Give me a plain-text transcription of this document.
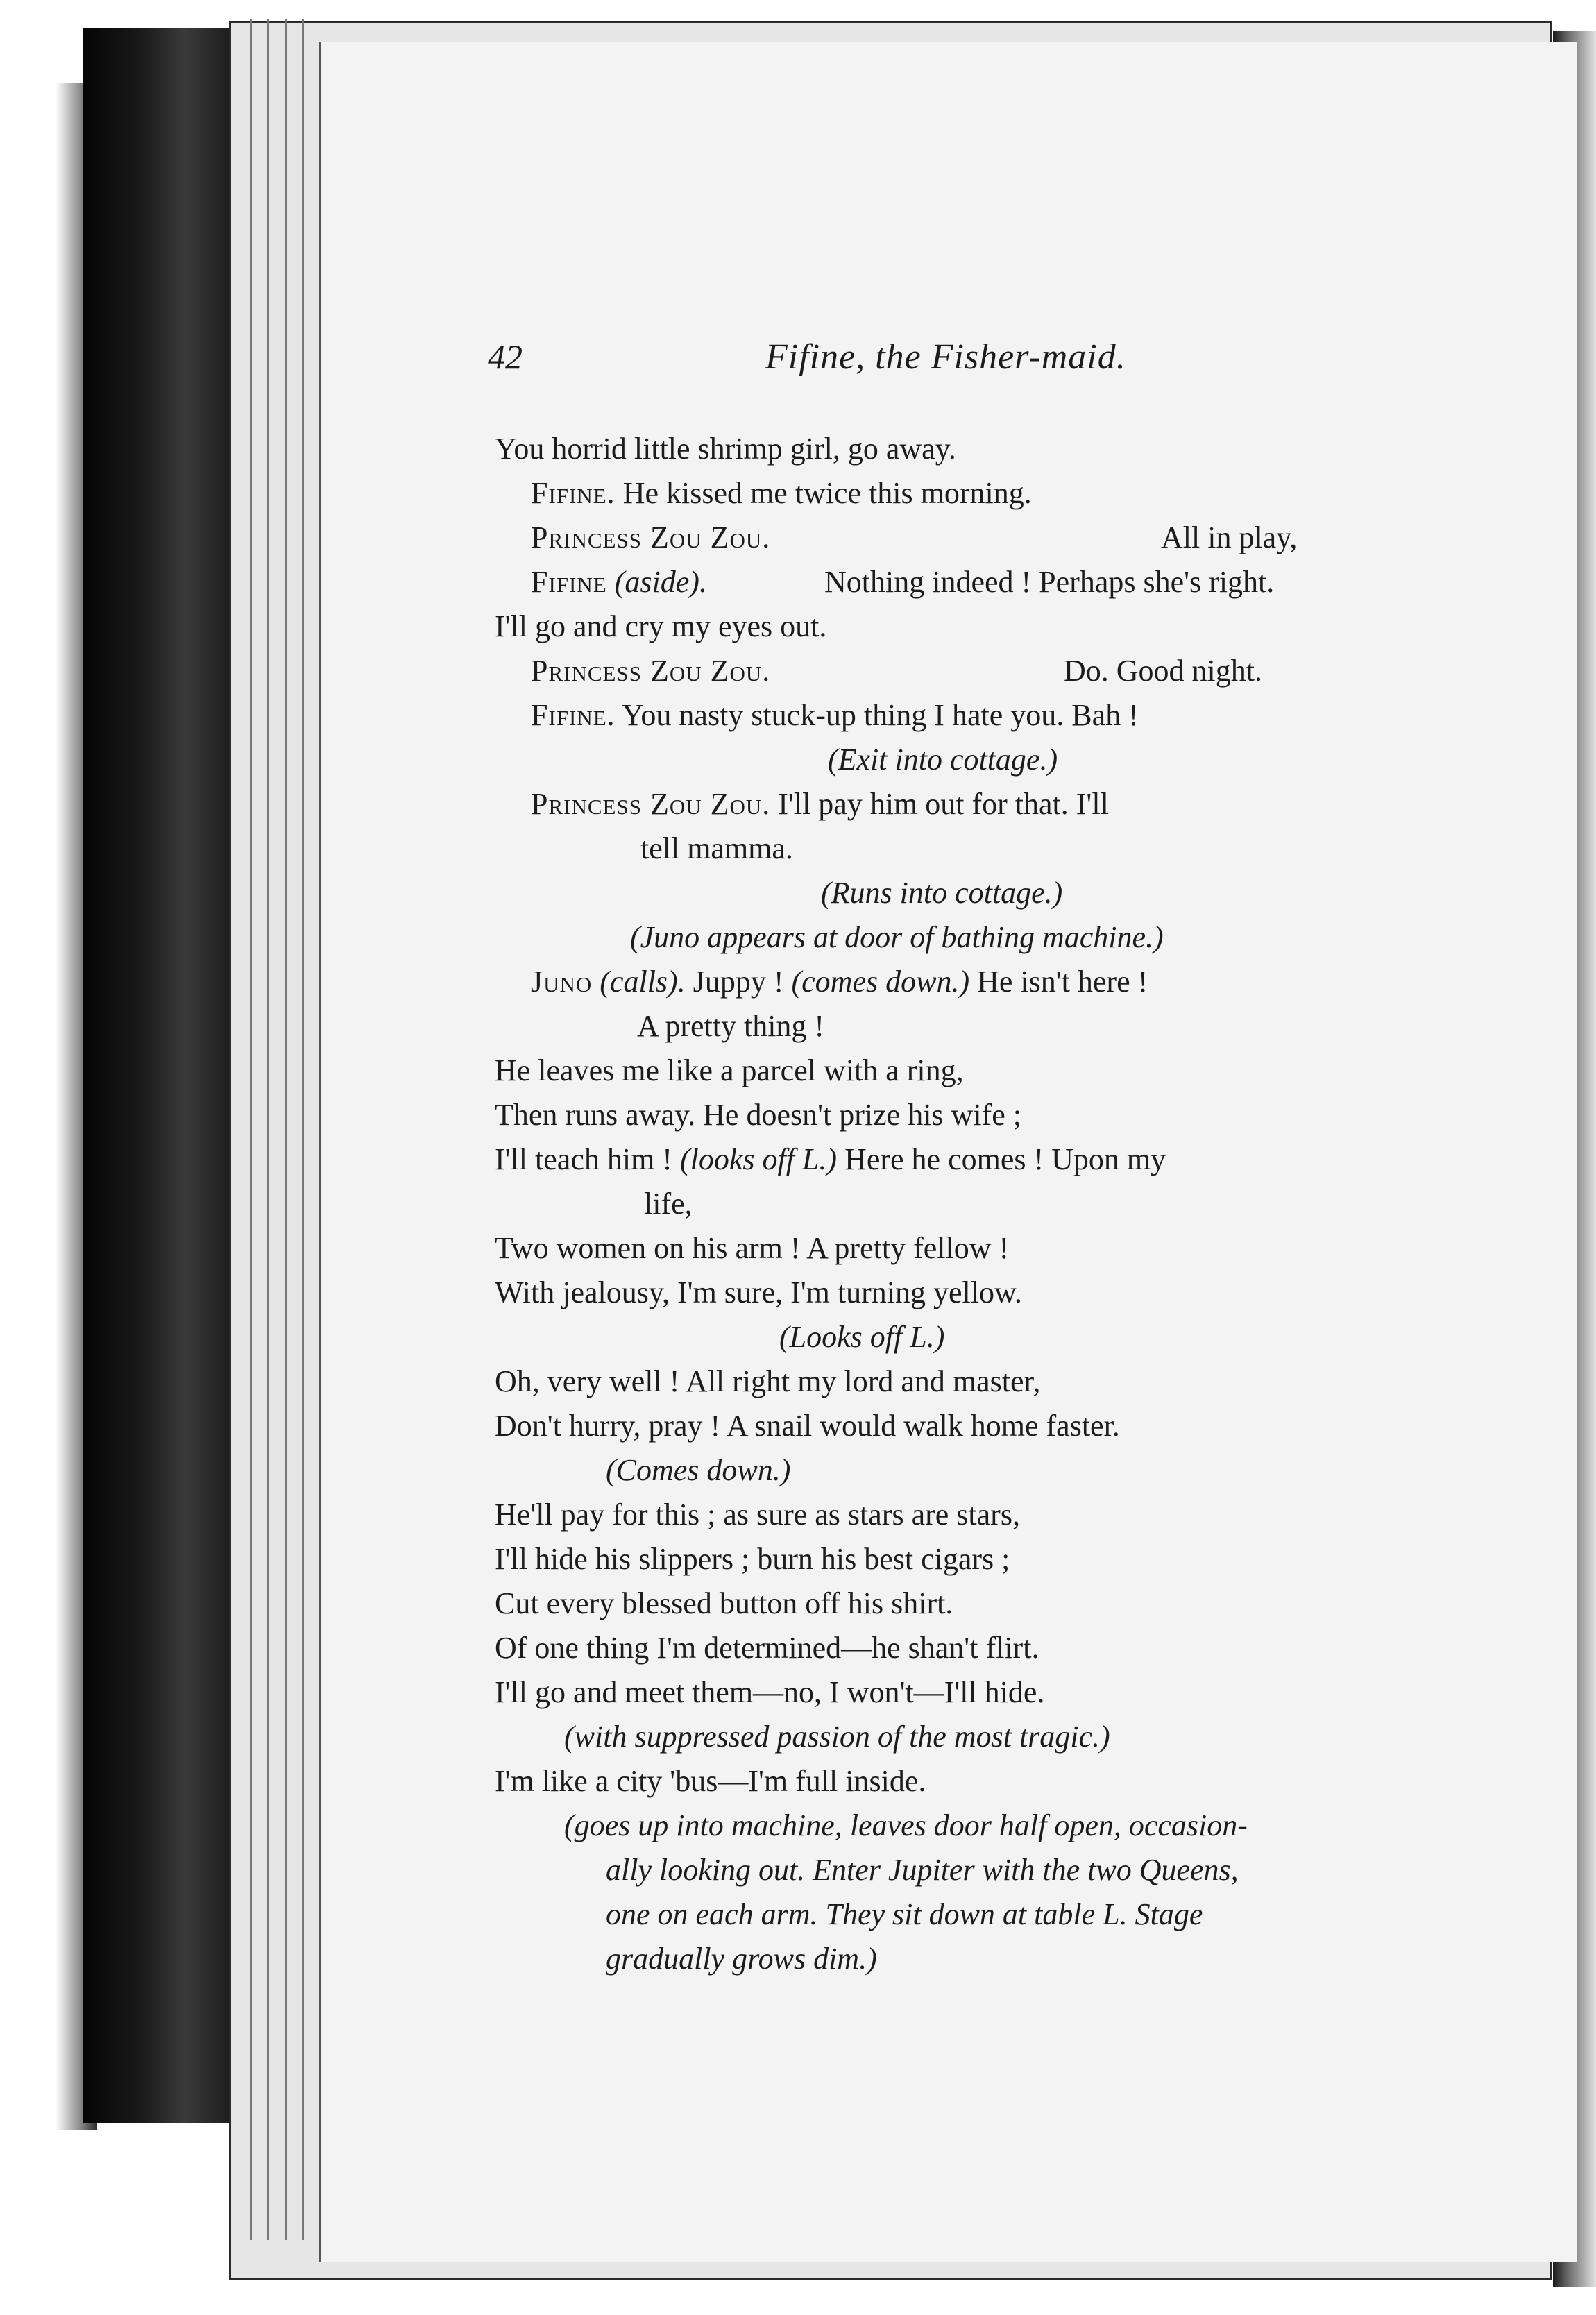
42	Fifine, the Fisher-maid.
You horrid little shrimp girl, go away.
Fifine. He kissed me twice this morning.
Princess Zou Zou.	All in play,
Fifine (aside).	Nothing indeed ! Perhaps she's right.
I'll go and cry my eyes out.
Princess Zou Zou.	Do. Good night.
Fifine. You nasty stuck-up thing I hate you. Bah !
(Exit into cottage.)
Princess Zou Zou. I'll pay him out for that. I'll
tell mamma.
(Runs into cottage.)
(Juno appears at door of bathing machine.)
Juno (calls). Juppy ! (comes down.) He isn't here !
A pretty thing !
He leaves me like a parcel with a ring,
Then runs away. He doesn't prize his wife ;
I'll teach him ! (looks off L.) Here he comes ! Upon my
life,
Two women on his arm ! A pretty fellow !
With jealousy, I'm sure, I'm turning yellow.
(Looks off L.)
Oh, very well ! All right my lord and master,
Don't hurry, pray ! A snail would walk home faster.
(Comes down.)
He'll pay for this ; as sure as stars are stars,
I'll hide his slippers ; burn his best cigars ;
Cut every blessed button off his shirt.
Of one thing I'm determined—he shan't flirt.
I'll go and meet them—no, I won't—I'll hide.
(with suppressed passion of the most tragic.)
I'm like a city 'bus—I'm full inside.
(goes up into machine, leaves door half open, occasion-
ally looking out. Enter Jupiter with the two Queens,
one on each arm. They sit down at table L. Stage
gradually grows dim.)
